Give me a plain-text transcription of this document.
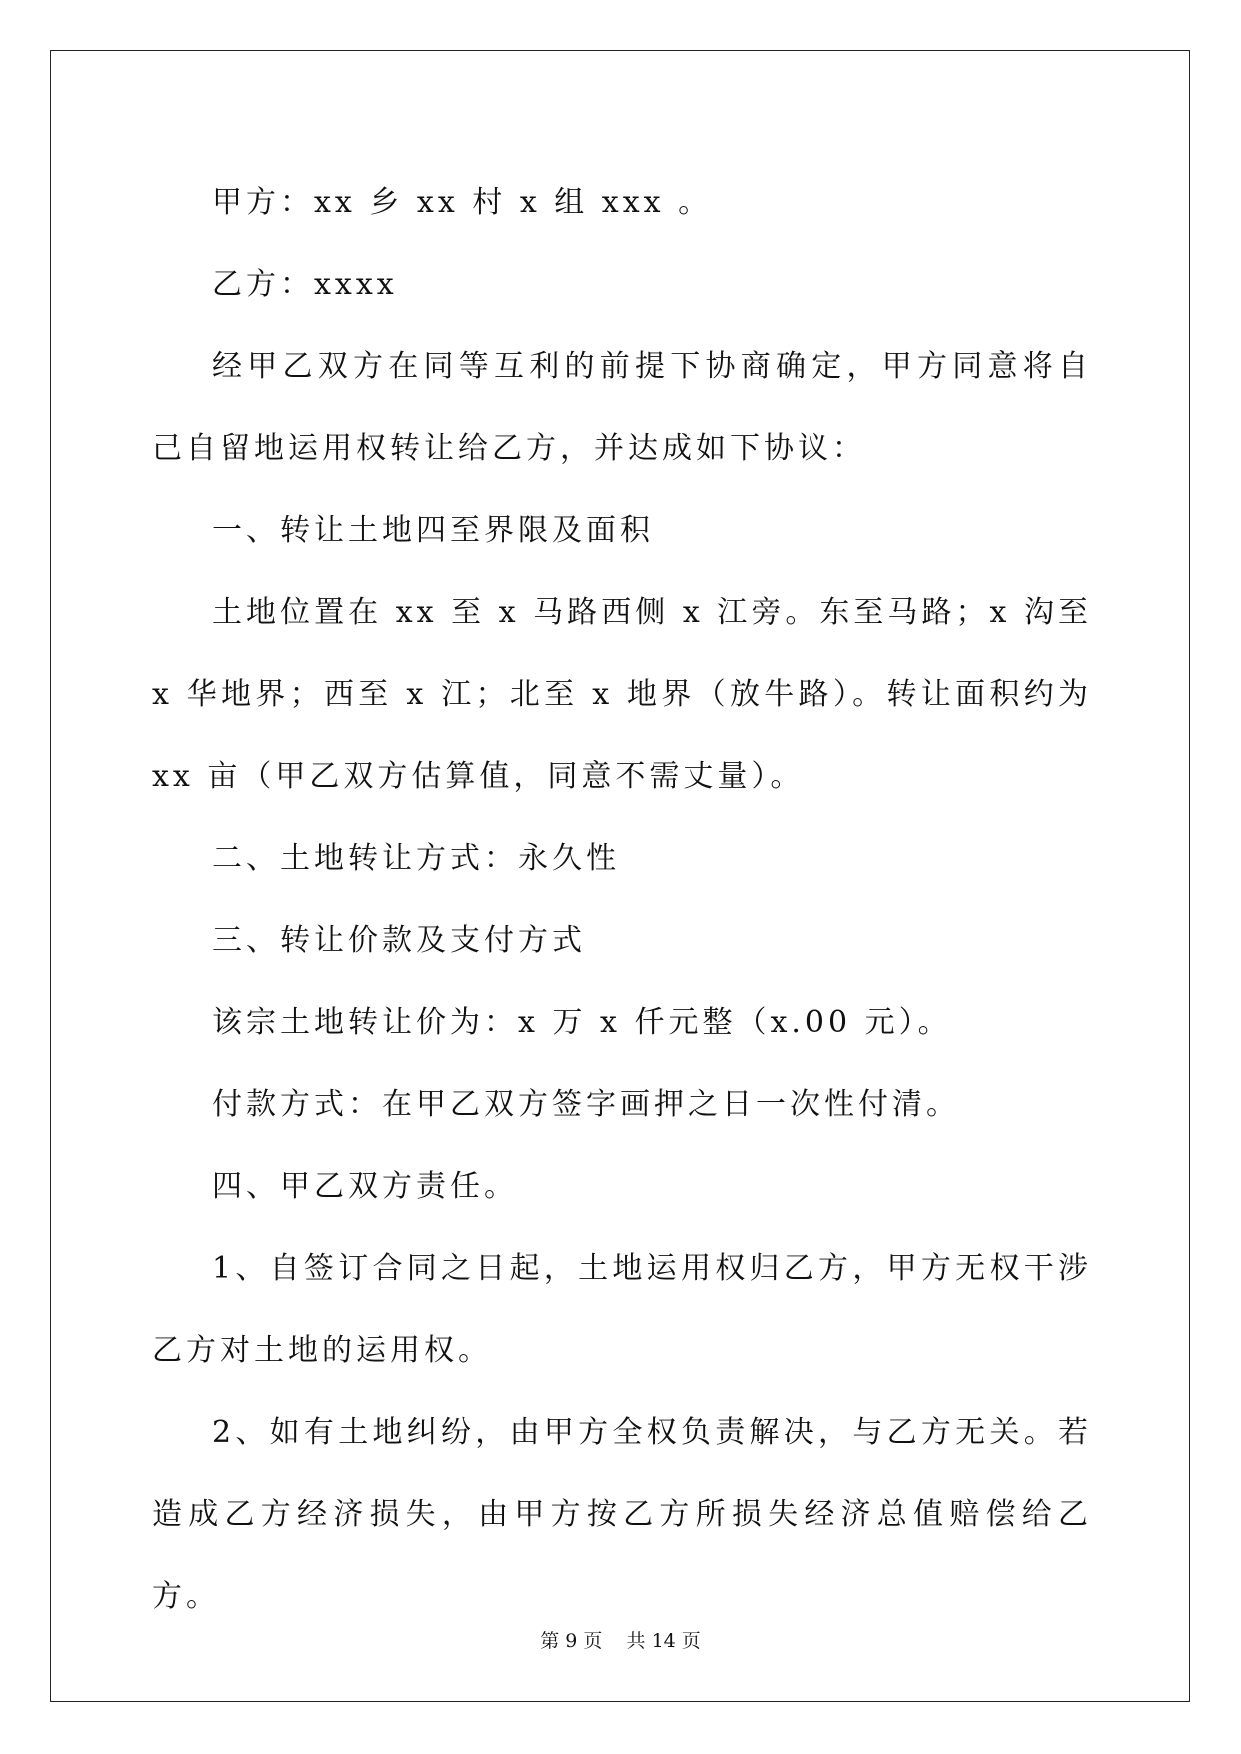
甲方：xx 乡 xx 村 x 组 xxx 。

乙方：xxxx

经甲乙双方在同等互利的前提下协商确定，甲方同意将自己自留地运用权转让给乙方，并达成如下协议：

一、转让土地四至界限及面积

土地位置在 xx 至 x 马路西侧 x 江旁。东至马路；x 沟至 x 华地界；西至 x 江；北至 x 地界（放牛路）。转让面积约为 xx 亩（甲乙双方估算值，同意不需丈量）。

二、土地转让方式：永久性

三、转让价款及支付方式

该宗土地转让价为：x 万 x 仟元整（x.00 元）。

付款方式：在甲乙双方签字画押之日一次性付清。

四、甲乙双方责任。

1、自签订合同之日起，土地运用权归乙方，甲方无权干涉乙方对土地的运用权。

2、如有土地纠纷，由甲方全权负责解决，与乙方无关。若造成乙方经济损失，由甲方按乙方所损失经济总值赔偿给乙方。

第 9 页 共 14 页
